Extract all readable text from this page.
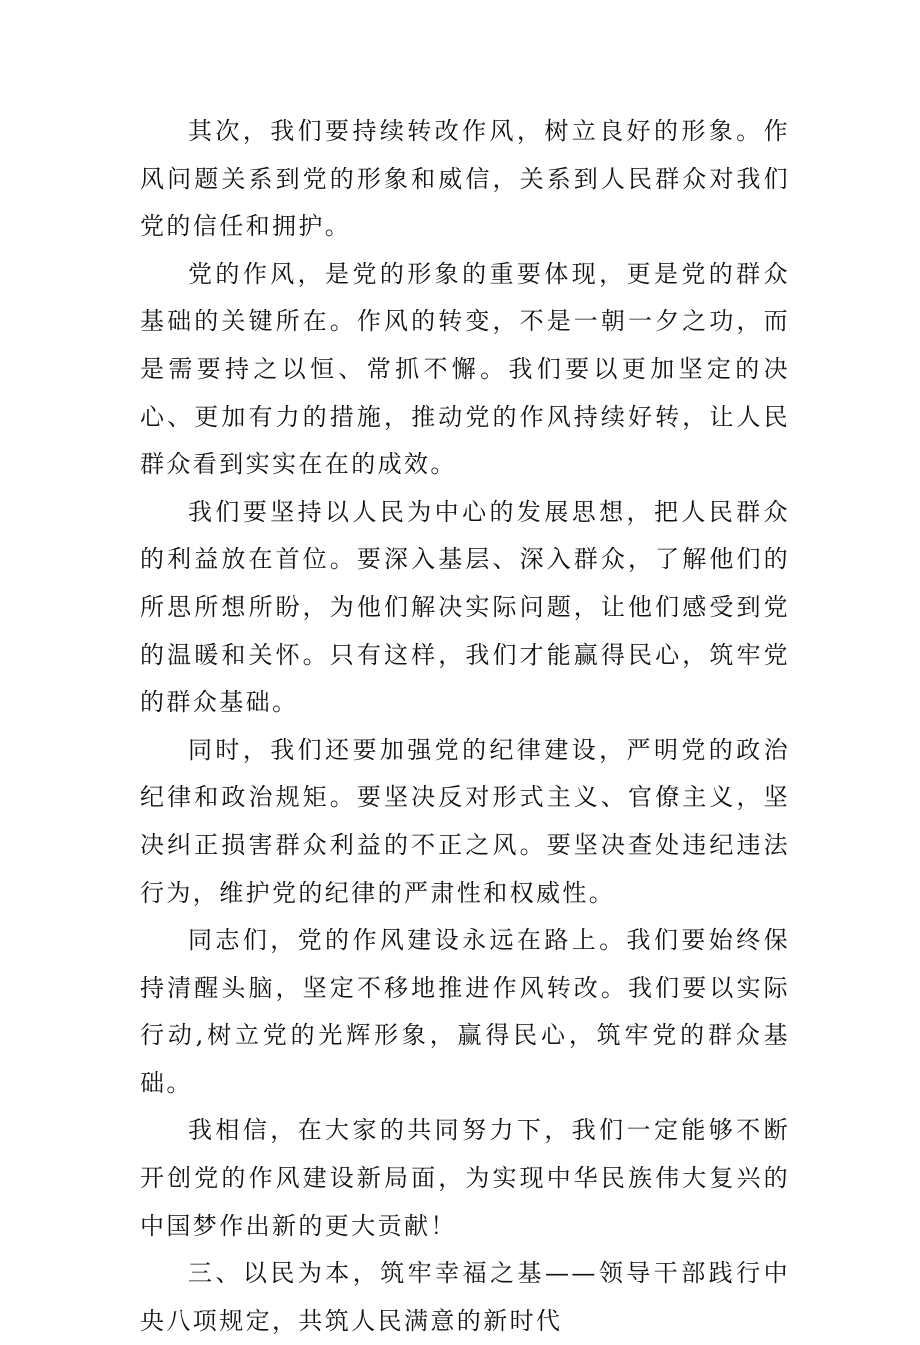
其次，我们要持续转改作风，树立良好的形象。作风问题关系到党的形象和威信，关系到人民群众对我们党的信任和拥护。

党的作风，是党的形象的重要体现，更是党的群众基础的关键所在。作风的转变，不是一朝一夕之功，而是需要持之以恒、常抓不懈。我们要以更加坚定的决心、更加有力的措施，推动党的作风持续好转，让人民群众看到实实在在的成效。

我们要坚持以人民为中心的发展思想，把人民群众的利益放在首位。要深入基层、深入群众，了解他们的所思所想所盼，为他们解决实际问题，让他们感受到党的温暖和关怀。只有这样，我们才能赢得民心，筑牢党的群众基础。

同时，我们还要加强党的纪律建设，严明党的政治纪律和政治规矩。要坚决反对形式主义、官僚主义，坚决纠正损害群众利益的不正之风。要坚决查处违纪违法行为，维护党的纪律的严肃性和权威性。

同志们，党的作风建设永远在路上。我们要始终保持清醒头脑，坚定不移地推进作风转改。我们要以实际行动,树立党的光辉形象，赢得民心，筑牢党的群众基础。

我相信，在大家的共同努力下，我们一定能够不断开创党的作风建设新局面，为实现中华民族伟大复兴的中国梦作出新的更大贡献！

三、以民为本，筑牢幸福之基——领导干部践行中央八项规定，共筑人民满意的新时代
